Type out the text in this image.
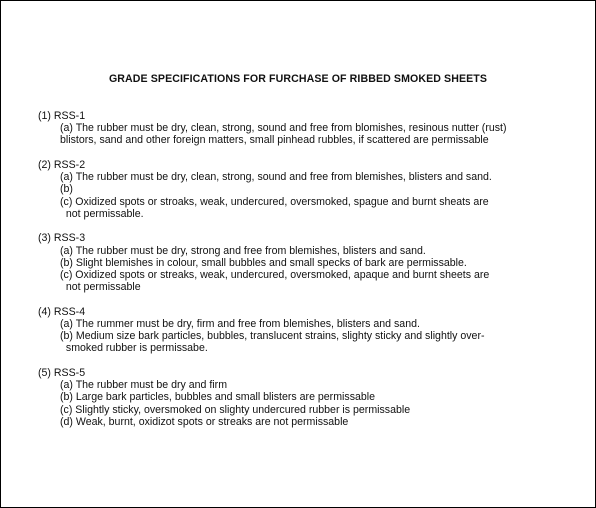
GRADE SPECIFICATIONS FOR FURCHASE OF RIBBED SMOKED SHEETS
(1) RSS-1
(a) The rubber must be dry, clean, strong, sound and free from blomishes, resinous nutter (rust)
blistors, sand and other foreign matters, small pinhead rubbles, if scattered are permissable
(2) RSS-2
(a) The rubber must be dry, clean, strong, sound and free from blemishes, blisters and sand.
(b)
(c) Oxidized spots or stroaks, weak, undercured, oversmoked, spague and burnt sheats are
not permissable.
(3) RSS-3
(a) The rubber must be dry, strong and free from blemishes, blisters and sand.
(b) Slight blemishes in colour, small bubbles and small specks of bark are permissable.
(c) Oxidized spots or streaks, weak, undercured, oversmoked, apaque and burnt sheets are
not permissable
(4) RSS-4
(a) The rummer must be dry, firm and free from blemishes, blisters and sand.
(b) Medium size bark particles, bubbles, translucent strains, slighty sticky and slightly over-
smoked rubber is permissabe.
(5) RSS-5
(a) The rubber must be dry and firm
(b) Large bark particles, bubbles and small blisters are permissable
(c) Slightly sticky, oversmoked on slighty undercured rubber is permissable
(d) Weak, burnt, oxidizot spots or streaks are not permissable
